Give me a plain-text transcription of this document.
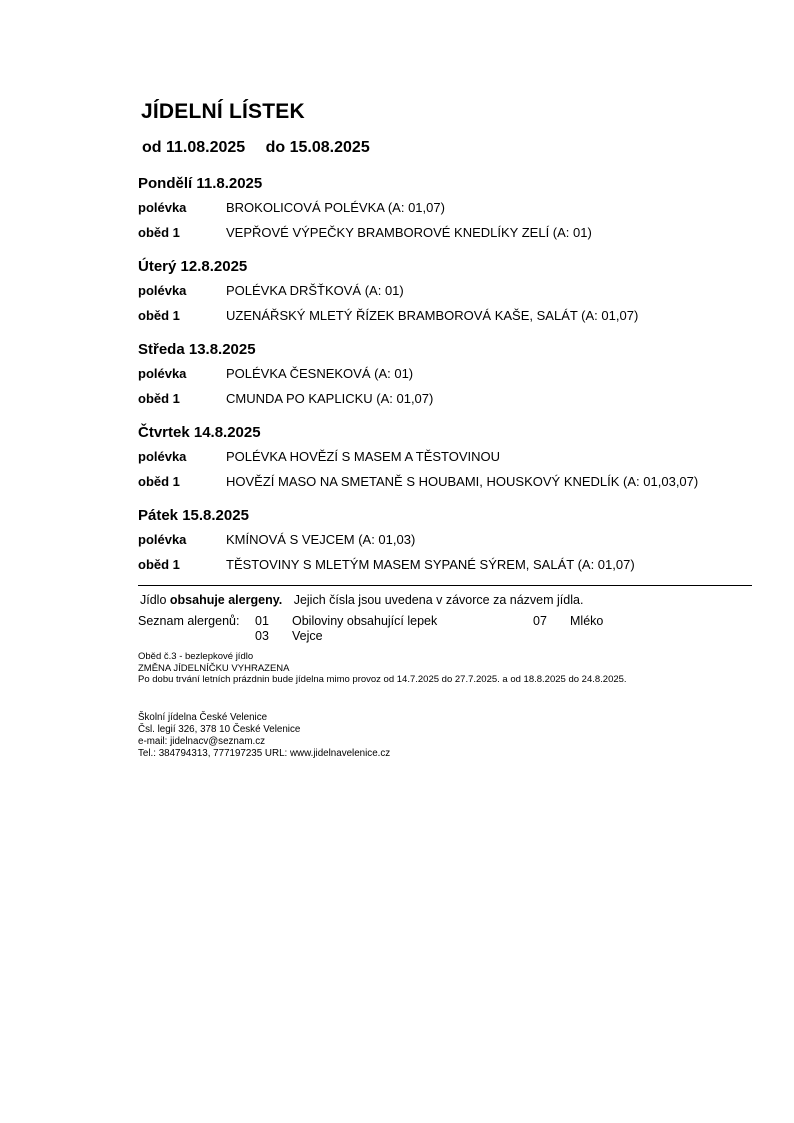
JÍDELNÍ LÍSTEK
od 11.08.2025 do 15.08.2025
Pondělí 11.8.2025
polévka	BROKOLICOVÁ POLÉVKA (A: 01,07)
oběd 1	VEPŘOVÉ VÝPEČKY BRAMBOROVÉ KNEDLÍKY ZELÍ (A: 01)
Úterý 12.8.2025
polévka	POLÉVKA DRŠŤKOVÁ (A: 01)
oběd 1	UZENÁŘSKÝ MLETÝ ŘÍZEK BRAMBOROVÁ KAŠE, SALÁT (A: 01,07)
Středa 13.8.2025
polévka	POLÉVKA ČESNEKOVÁ (A: 01)
oběd 1	CMUNDA PO KAPLICKU (A: 01,07)
Čtvrtek 14.8.2025
polévka	POLÉVKA HOVĚZÍ S MASEM A TĚSTOVINOU
oběd 1	HOVĚZÍ MASO NA SMETANĚ S HOUBAMI, HOUSKOVÝ KNEDLÍK (A: 01,03,07)
Pátek 15.8.2025
polévka	KMÍNOVÁ S VEJCEM (A: 01,03)
oběd 1	TĚSTOVINY S MLETÝM MASEM SYPANÉ SÝREM, SALÁT (A: 01,07)
Jídlo obsahuje alergeny. Jejich čísla jsou uvedena v závorce za názvem jídla.
Seznam alergenů: 01 Obiloviny obsahující lepek
03 Vejce
07 Mléko
Oběd č.3 - bezlepkové jídlo
ZMĚNA JÍDELNÍČKU VYHRAZENA
Po dobu trvání letních prázdnin bude jídelna mimo provoz od 14.7.2025 do 27.7.2025. a od 18.8.2025 do 24.8.2025.
Školní jídelna České Velenice
Čsl. legií 326, 378 10 České Velenice
e-mail: jidelnacv@seznam.cz
Tel.: 384794313, 777197235 URL: www.jidelnavelenice.cz
